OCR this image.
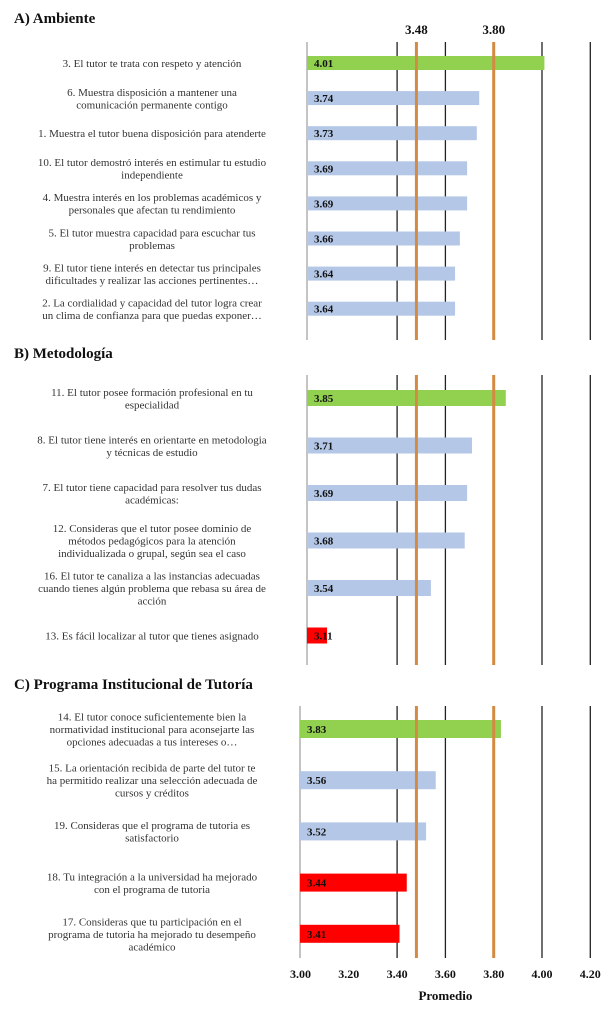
A) Ambiente
4.01
3. El tutor te trata con respeto y atención
3.74
6. Muestra disposición a mantener una
comunicación permanente contigo
3.73
1. Muestra el tutor buena disposición para atenderte
3.69
10. El tutor demostró interés en estimular tu estudio
independiente
3.69
4. Muestra interés en los problemas académicos y
personales que afectan tu rendimiento
3.66
5. El tutor muestra capacidad para escuchar tus
problemas
3.64
9. El tutor tiene interés en detectar tus principales
dificultades y realizar las acciones pertinentes…
3.64
2. La cordialidad y capacidad del tutor logra crear
un clima de confianza para que puedas exponer…
B) Metodología
3.85
11. El tutor posee formación profesional en tu
especialidad
3.71
8. El tutor tiene interés en orientarte en metodologia
y técnicas de estudio
3.69
7. El tutor tiene capacidad para resolver tus dudas
académicas:
3.68
12. Consideras que el tutor posee dominio de
métodos pedagógicos para la atención
individualizada o grupal, según sea el caso
3.54
16. El tutor te canaliza a las instancias adecuadas
cuando tienes algún problema que rebasa su área de
acción
3.11
13. Es fácil localizar al tutor que tienes asignado
C) Programa Institucional de Tutoría
3.83
14. El tutor conoce suficientemente bien la
normatividad institucional para aconsejarte las
opciones adecuadas a tus intereses o…
3.56
15. La orientación recibida de parte del tutor te
ha permitido realizar una selección adecuada de
cursos y créditos
3.52
19. Consideras que el programa de tutoria es
satisfactorio
3.44
18. Tu integración a la universidad ha mejorado
con el programa de tutoria
3.41
17. Consideras que tu participación en el
programa de tutoria ha mejorado tu desempeño
académico
3.48	3.80
3.00 3.20 3.40 3.60 3.80 4.00 4.20
Promedio
